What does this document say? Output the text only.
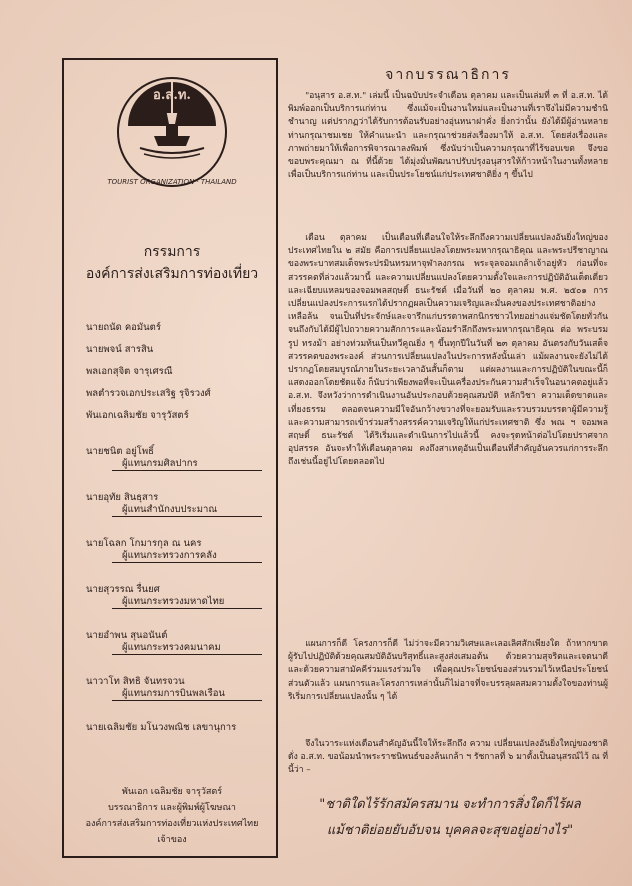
อ.ส.ท.
TOURIST ORGANIZATION · THAILAND
กรรมการ
องค์การส่งเสริมการท่องเที่ยว
นายถนัด คอมันตร์
นายพจน์ สารสิน
พลเอกสุจิต จารุเศรณี
พลตำรวจเอกประเสริฐ รุจิรวงศ์
พันเอกเฉลิมชัย จารุวัสตร์
นายชนิต อยู่โพธิ์
ผู้แทนกรมศิลปากร
นายอุทัย สินธุสาร
ผู้แทนสำนักงบประมาณ
นายโฉลก โกมารกุล ณ นคร
ผู้แทนกระทรวงการคลัง
นายสุวรรณ รื่นยศ
ผู้แทนกระทรวงมหาดไทย
นายอำพน สุนอนันต์
ผู้แทนกระทรวงคมนาคม
นาวาโท สิทธิ จันทรจวน
ผู้แทนกรมการบินพลเรือน
นายเฉลิมชัย มโนวงพณิช เลขานุการ
พันเอก เฉลิมชัย จารุวัสตร์
บรรณาธิการ และผู้พิมพ์ผู้โฆษณา
องค์การส่งเสริมการท่องเที่ยวแห่งประเทศไทย
เจ้าของ
จากบรรณาธิการ
"อนุสาร อ.ส.ท." เล่มนี้ เป็นฉบับประจำเดือน ตุลาคม และเป็นเล่มที่ ๓ ที่ อ.ส.ท. ได้พิมพ์ออกเป็นบริการแก่ท่าน ซึ่งแม้จะเป็นงานใหม่และเป็นงานที่เราจึงไม่มีความชำนิชำนาญ แต่ปรากฏว่าได้รับการต้อนรับอย่างอุ่นหนาฝาคั่ง ยิ่งกว่านั้น ยังได้มีผู้อ่านหลายท่านกรุณาชมเชย ให้คำแนะนำ และกรุณาช่วยส่งเรื่องมาให้ อ.ส.ท. โดยส่งเรื่องและภาพถ่ายมาให้เพื่อการพิจารณาลงพิมพ์ ซึ่งนับว่าเป็นความกรุณาที่ไร้ขอบเขต จึงขอขอบพระคุณมา ณ ที่นี้ด้วย ได้มุ่งมั่นพัฒนาปรับปรุงอนุสารให้ก้าวหน้าในงานทั้งหลายเพื่อเป็นบริการแก่ท่าน และเป็นประโยชน์แก่ประเทศชาติยิ่ง ๆ ขึ้นไป
เดือน ตุลาคม เป็นเดือนที่เตือนใจให้ระลึกถึงความเปลี่ยนแปลงอันยิ่งใหญ่ของประเทศไทยใน ๒ สมัย คือการเปลี่ยนแปลงโดยพระมหากรุณาธิคุณ และพระปรีชาญาณของพระบาทสมเด็จพระปรมินทรมหาจุฬาลงกรณ พระจุลจอมเกล้าเจ้าอยู่หัว ก่อนที่จะสวรรคตที่ล่วงแล้วมานี้ และความเปลี่ยนแปลงโดยความตั้งใจและการปฏิบัติอันเด็ดเดี่ยวและเฉียบแหลมของจอมพลสฤษดิ์ ธนะรัชต์ เมื่อวันที่ ๒๐ ตุลาคม พ.ศ. ๒๕๐๑ การเปลี่ยนแปลงประการแรกได้ปรากฏผลเป็นความเจริญและมั่นคงของประเทศชาติอย่างเหลือล้น จนเป็นที่ประจักษ์และจารึกแก่บรรดาพสกนิกรชาวไทยอย่างแจ่มชัดโดยทั่วกัน จนถึงกับได้มีผู้ไปถวายความสักการะและน้อมรำลึกถึงพระมหากรุณาธิคุณ ต่อ พระบรมรูป ทรงม้า อย่างท่วมท้นเป็นทวีคูณยิ่ง ๆ ขึ้นทุกปีในวันที่ ๒๓ ตุลาคม อันตรงกับวันเสด็จสวรรคตของพระองค์ ส่วนการเปลี่ยนแปลงในประการหลังนั้นเล่า แม้ผลงานจะยังไม่ได้ปรากฏโดยสมบูรณ์ภายในระยะเวลาอันสั้นก็ตาม แต่ผลงานและการปฏิบัติในขณะนี้ก็แสดงออกโดยชัดแจ้ง ก็นับว่าเพียงพอที่จะเป็นเครื่องประกันความสำเร็จในอนาคตอยู่แล้ว อ.ส.ท. จึงหวังว่าการดำเนินงานอันประกอบด้วยคุณสมบัติ หลักวิชา ความเด็ดขาดและเที่ยงธรรม ตลอดจนความมีใจอันกว้างขวางที่จะยอมรับและรวบรวมบรรดาผู้มีความรู้และความสามารถเข้าร่วมสร้างสรรค์ความเจริญให้แก่ประเทศชาติ ซึ่ง พณ ฯ จอมพลสฤษดิ์ ธนะรัชต์ ได้ริเริ่มและดำเนินการไปแล้วนี้ คงจะรุดหน้าต่อไปโดยปราศจากอุปสรรค อันจะทำให้เดือนตุลาคม คงถึงสาเหตุอันเป็นเดือนที่สำคัญอันควรแก่การระลึกถึงเช่นนี้อยู่ไปโดยตลอดไป
แผนการก็ดี โครงการก็ดี ไม่ว่าจะมีความวิเศษและเลอเลิศสักเพียงใด ถ้าหากขาดผู้รับไปปฏิบัติด้วยคุณสมบัติอันบริสุทธิ์และสูงส่งเสมอต้น ด้วยความสุจริตและเจตนาดี และด้วยความสามัคคีร่วมแรงร่วมใจ เพื่อคุณประโยชน์ของส่วนรวมไว้เหนือประโยชน์ส่วนตัวแล้ว แผนการและโครงการเหล่านั้นก็ไม่อาจที่จะบรรลุผลสมความตั้งใจของท่านผู้ริเริ่มการเปลี่ยนแปลงนั้น ๆ ได้
จึงในวาระแห่งเดือนสำคัญอันนี้ใจให้ระลึกถึง ความ เปลี่ยนแปลงอันยิ่งใหญ่ของชาติดั่ง อ.ส.ท. ขอน้อมนำพระราชนิพนธ์ของล้นเกล้า ฯ รัชกาลที่ ๖ มาตั้งเป็นอนุสรณ์ไว้ ณ ที่นี้ว่า –
"ชาติใดไร้รักสมัครสมาน จะทำการสิ่งใดก็ไร้ผล
แม้ชาติย่อยยับอับจน บุคคลจะสุขอยู่อย่างไร"
